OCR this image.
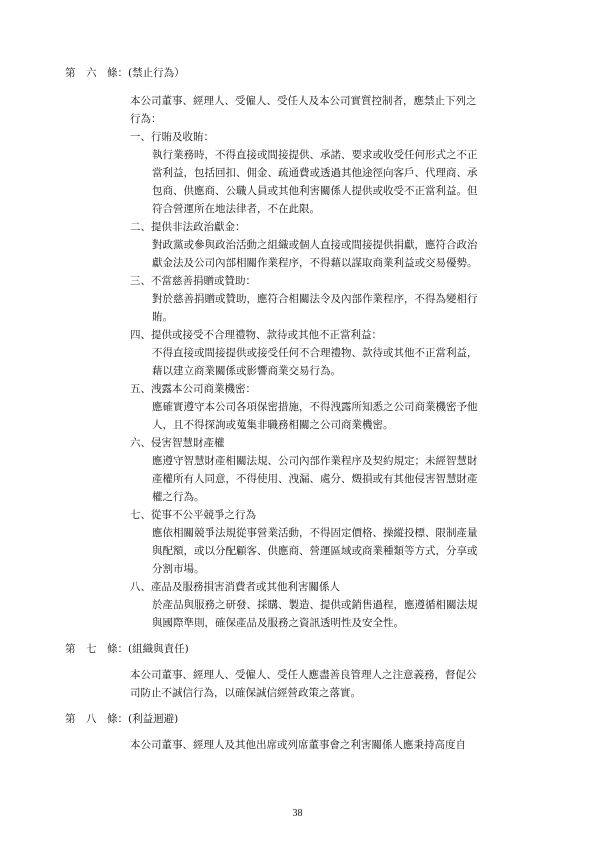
第　六　條：(禁止行為）
本公司董事、經理人、受僱人、受任人及本公司實質控制者，應禁止下列之
行為：
一、行賄及收賄：
執行業務時，不得直接或間接提供、承諾、要求或收受任何形式之不正
當利益，包括回扣、佣金、疏通費或透過其他途徑向客戶、代理商、承
包商、供應商、公職人員或其他利害關係人提供或收受不正當利益。但
符合營運所在地法律者，不在此限。
二、提供非法政治獻金：
對政黨或參與政治活動之組織或個人直接或間接提供捐獻，應符合政治
獻金法及公司內部相關作業程序，不得藉以謀取商業利益或交易優勢。
三、不當慈善捐贈或贊助：
對於慈善捐贈或贊助，應符合相關法令及內部作業程序，不得為變相行
賄。
四、提供或接受不合理禮物、款待或其他不正當利益：
不得直接或間接提供或接受任何不合理禮物、款待或其他不正當利益，
藉以建立商業關係或影響商業交易行為。
五、洩露本公司商業機密：
應確實遵守本公司各項保密措施，不得洩露所知悉之公司商業機密予他
人，且不得探詢或蒐集非職務相關之公司商業機密。
六、侵害智慧財產權
應遵守智慧財產相關法規、公司內部作業程序及契約規定；未經智慧財
產權所有人同意，不得使用、洩漏、處分、燬損或有其他侵害智慧財產
權之行為。
七、從事不公平競爭之行為
應依相關競爭法規從事營業活動，不得固定價格、操縱投標、限制產量
與配額，或以分配顧客、供應商、營運區域或商業種類等方式，分享或
分割市場。
八、產品及服務損害消費者或其他利害關係人
於產品與服務之研發、採購、製造、提供或銷售過程，應遵循相關法規
與國際準則，確保產品及服務之資訊透明性及安全性。
第　七　條：(組織與責任)
本公司董事、經理人、受僱人、受任人應盡善良管理人之注意義務，督促公
司防止不誠信行為，以確保誠信經營政策之落實。
第　八　條：(利益迴避)
本公司董事、經理人及其他出席或列席董事會之利害關係人應秉持高度自
38
